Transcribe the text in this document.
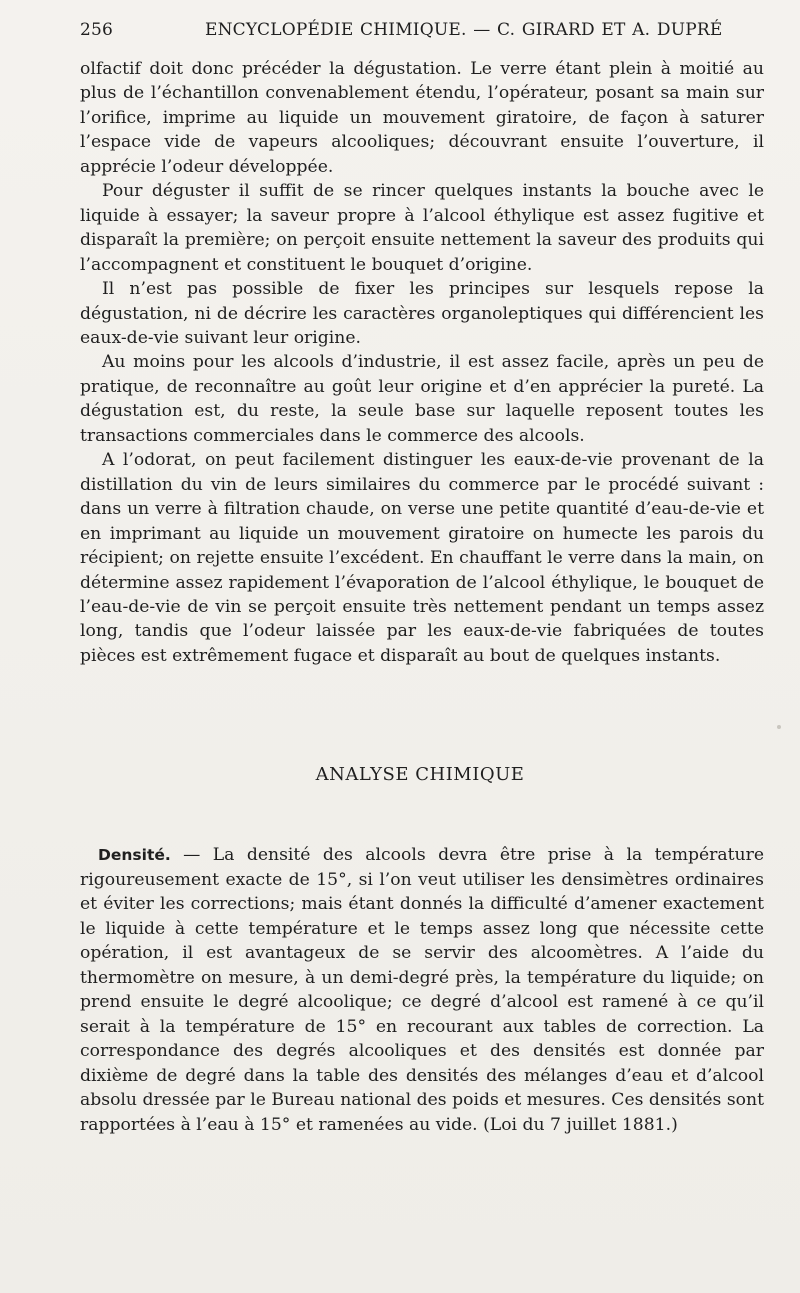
256	ENCYCLOPÉDIE CHIMIQUE. — C. GIRARD ET A. DUPRÉ

olfactif doit donc précéder la dégustation. Le verre étant plein à moitié au plus de l’échantillon convenablement étendu, l’opérateur, posant sa main sur l’orifice, imprime au liquide un mouvement giratoire, de façon à saturer l’espace vide de vapeurs alcooliques; découvrant ensuite l’ouverture, il apprécie l’odeur développée.

Pour déguster il suffit de se rincer quelques instants la bouche avec le liquide à essayer; la saveur propre à l’alcool éthylique est assez fugitive et disparaît la première; on perçoit ensuite nettement la saveur des produits qui l’accompagnent et constituent le bouquet d’origine.

Il n’est pas possible de fixer les principes sur lesquels repose la dégustation, ni de décrire les caractères organoleptiques qui différencient les eaux-de-vie suivant leur origine.

Au moins pour les alcools d’industrie, il est assez facile, après un peu de pratique, de reconnaître au goût leur origine et d’en apprécier la pureté. La dégustation est, du reste, la seule base sur laquelle reposent toutes les transactions commerciales dans le commerce des alcools.

A l’odorat, on peut facilement distinguer les eaux-de-vie provenant de la distillation du vin de leurs similaires du commerce par le procédé suivant : dans un verre à filtration chaude, on verse une petite quantité d’eau-de-vie et en imprimant au liquide un mouvement giratoire on humecte les parois du récipient; on rejette ensuite l’excédent. En chauffant le verre dans la main, on détermine assez rapidement l’évaporation de l’alcool éthylique, le bouquet de l’eau-de-vie de vin se perçoit ensuite très nettement pendant un temps assez long, tandis que l’odeur laissée par les eaux-de-vie fabriquées de toutes pièces est extrêmement fugace et disparaît au bout de quelques instants.

ANALYSE CHIMIQUE

Densité. — La densité des alcools devra être prise à la température rigoureusement exacte de 15°, si l’on veut utiliser les densimètres ordinaires et éviter les corrections; mais étant donnés la difficulté d’amener exactement le liquide à cette température et le temps assez long que nécessite cette opération, il est avantageux de se servir des alcoomètres. A l’aide du thermomètre on mesure, à un demi-degré près, la température du liquide; on prend ensuite le degré alcoolique; ce degré d’alcool est ramené à ce qu’il serait à la température de 15° en recourant aux tables de correction. La correspondance des degrés alcooliques et des densités est donnée par dixième de degré dans la table des densités des mélanges d’eau et d’alcool absolu dressée par le Bureau national des poids et mesures. Ces densités sont rapportées à l’eau à 15° et ramenées au vide. (Loi du 7 juillet 1881.)
